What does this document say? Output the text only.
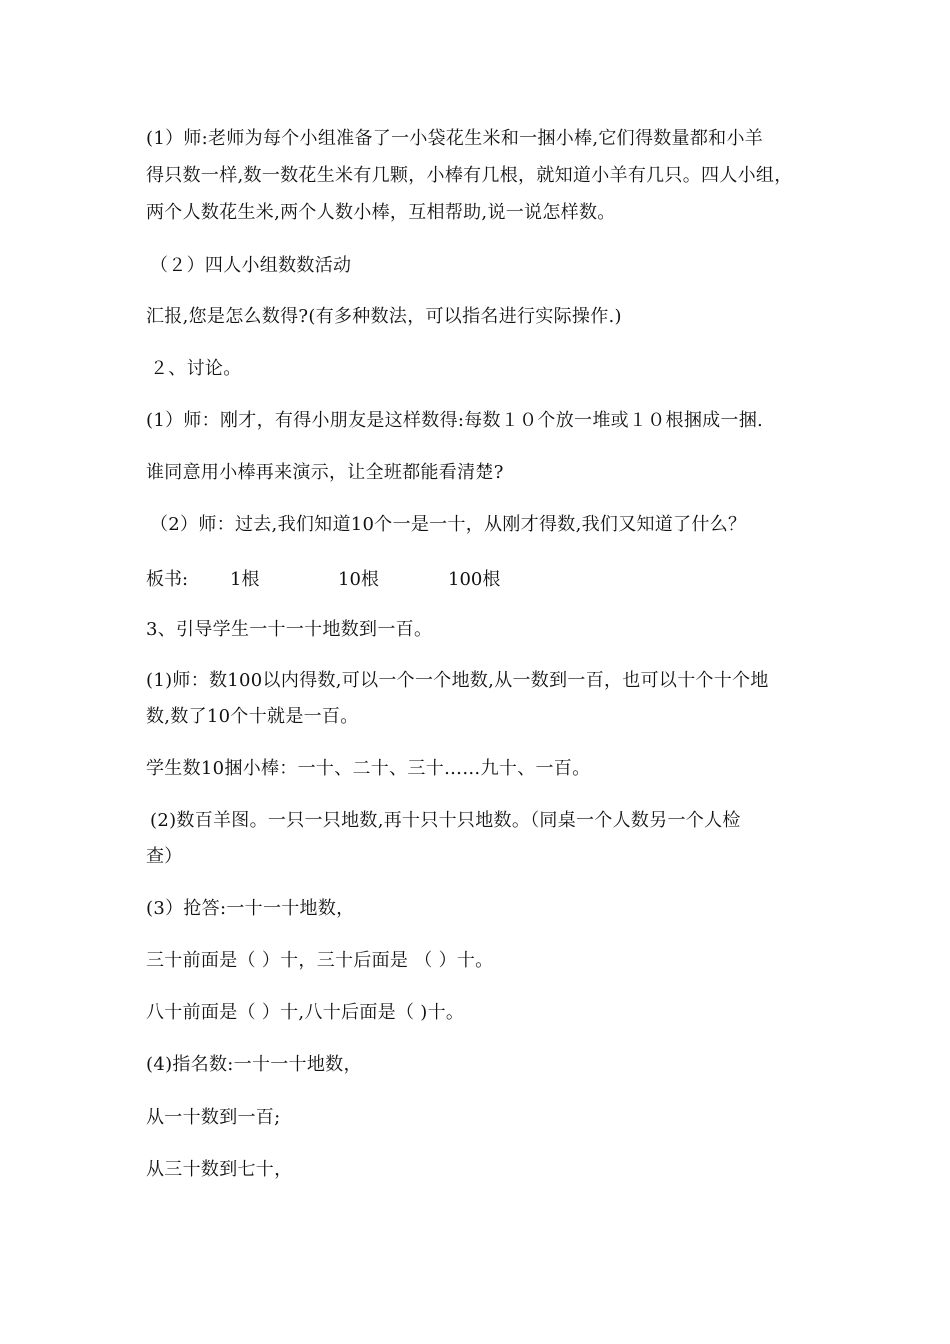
(1）师:老师为每个小组准备了一小袋花生米和一捆小棒,它们得数量都和小羊
得只数一样,数一数花生米有几颗，小棒有几根，就知道小羊有几只。四人小组，
两个人数花生米,两个人数小棒，互相帮助,说一说怎样数。
（２）四人小组数数活动
汇报,您是怎么数得?(有多种数法，可以指名进行实际操作.)
２、讨论。
(1）师：刚才，有得小朋友是这样数得:每数１０个放一堆或１０根捆成一捆.
谁同意用小棒再来演示，让全班都能看清楚?
（2）师：过去,我们知道10个一是一十，从刚才得数,我们又知道了什么？
板书: 1根	10根	100根
3、引导学生一十一十地数到一百。
(1)师：数100以内得数,可以一个一个地数,从一数到一百，也可以十个十个地
数,数了10个十就是一百。
学生数10捆小棒：一十、二十、三十……九十、一百。
(2)数百羊图。一只一只地数,再十只十只地数。（同桌一个人数另一个人检
查）
(3）抢答:一十一十地数，
三十前面是（ ）十，三十后面是 （ ）十。
八十前面是（ ）十,八十后面是（ )十。
(4)指名数:一十一十地数，
从一十数到一百;
从三十数到七十，
